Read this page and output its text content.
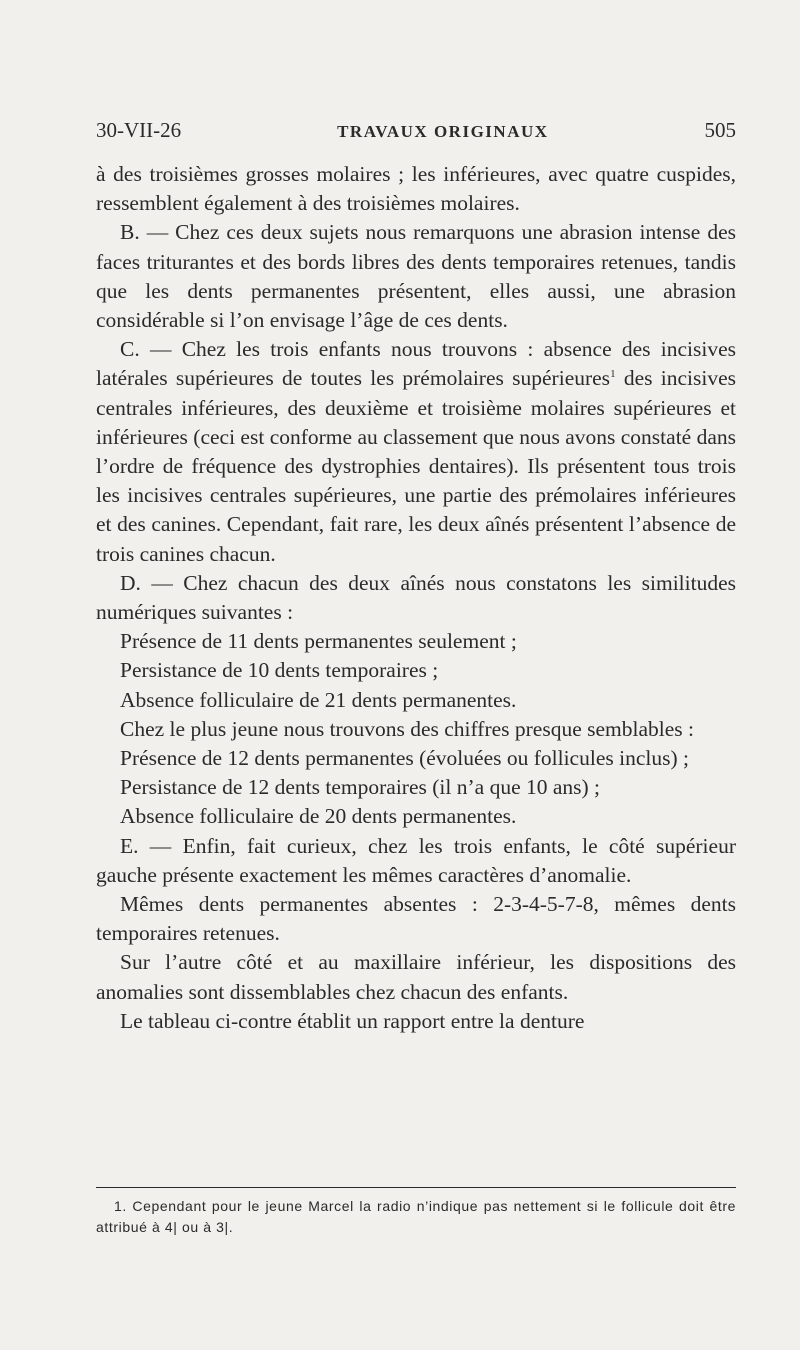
30-VII-26	TRAVAUX ORIGINAUX	505

à des troisièmes grosses molaires ; les inférieures, avec quatre cuspides, ressemblent également à des troisièmes molaires.

B. — Chez ces deux sujets nous remarquons une abrasion intense des faces triturantes et des bords libres des dents temporaires retenues, tandis que les dents permanentes présentent, elles aussi, une abrasion considérable si l’on envisage l’âge de ces dents.

C. — Chez les trois enfants nous trouvons : absence des incisives latérales supérieures de toutes les prémolaires supérieures$^1$ des incisives centrales inférieures, des deuxième et troisième molaires supérieures et inférieures (ceci est conforme au classement que nous avons constaté dans l’ordre de fréquence des dystrophies dentaires). Ils présentent tous trois les incisives centrales supérieures, une partie des prémolaires inférieures et des canines. Cependant, fait rare, les deux aînés présentent l’absence de trois canines chacun.

D. — Chez chacun des deux aînés nous constatons les similitudes numériques suivantes :

Présence de 11 dents permanentes seulement ;

Persistance de 10 dents temporaires ;

Absence folliculaire de 21 dents permanentes.

Chez le plus jeune nous trouvons des chiffres presque semblables :

Présence de 12 dents permanentes (évoluées ou follicules inclus) ;

Persistance de 12 dents temporaires (il n’a que 10 ans) ;

Absence folliculaire de 20 dents permanentes.

E. — Enfin, fait curieux, chez les trois enfants, le côté supérieur gauche présente exactement les mêmes caractères d’anomalie.

Mêmes dents permanentes absentes : 2-3-4-5-7-8, mêmes dents temporaires retenues.

Sur l’autre côté et au maxillaire inférieur, les dispositions des anomalies sont dissemblables chez chacun des enfants.

Le tableau ci-contre établit un rapport entre la denture

1. Cependant pour le jeune Marcel la radio n’indique pas nettement si le follicule doit être attribué à 4| ou à 3|.
